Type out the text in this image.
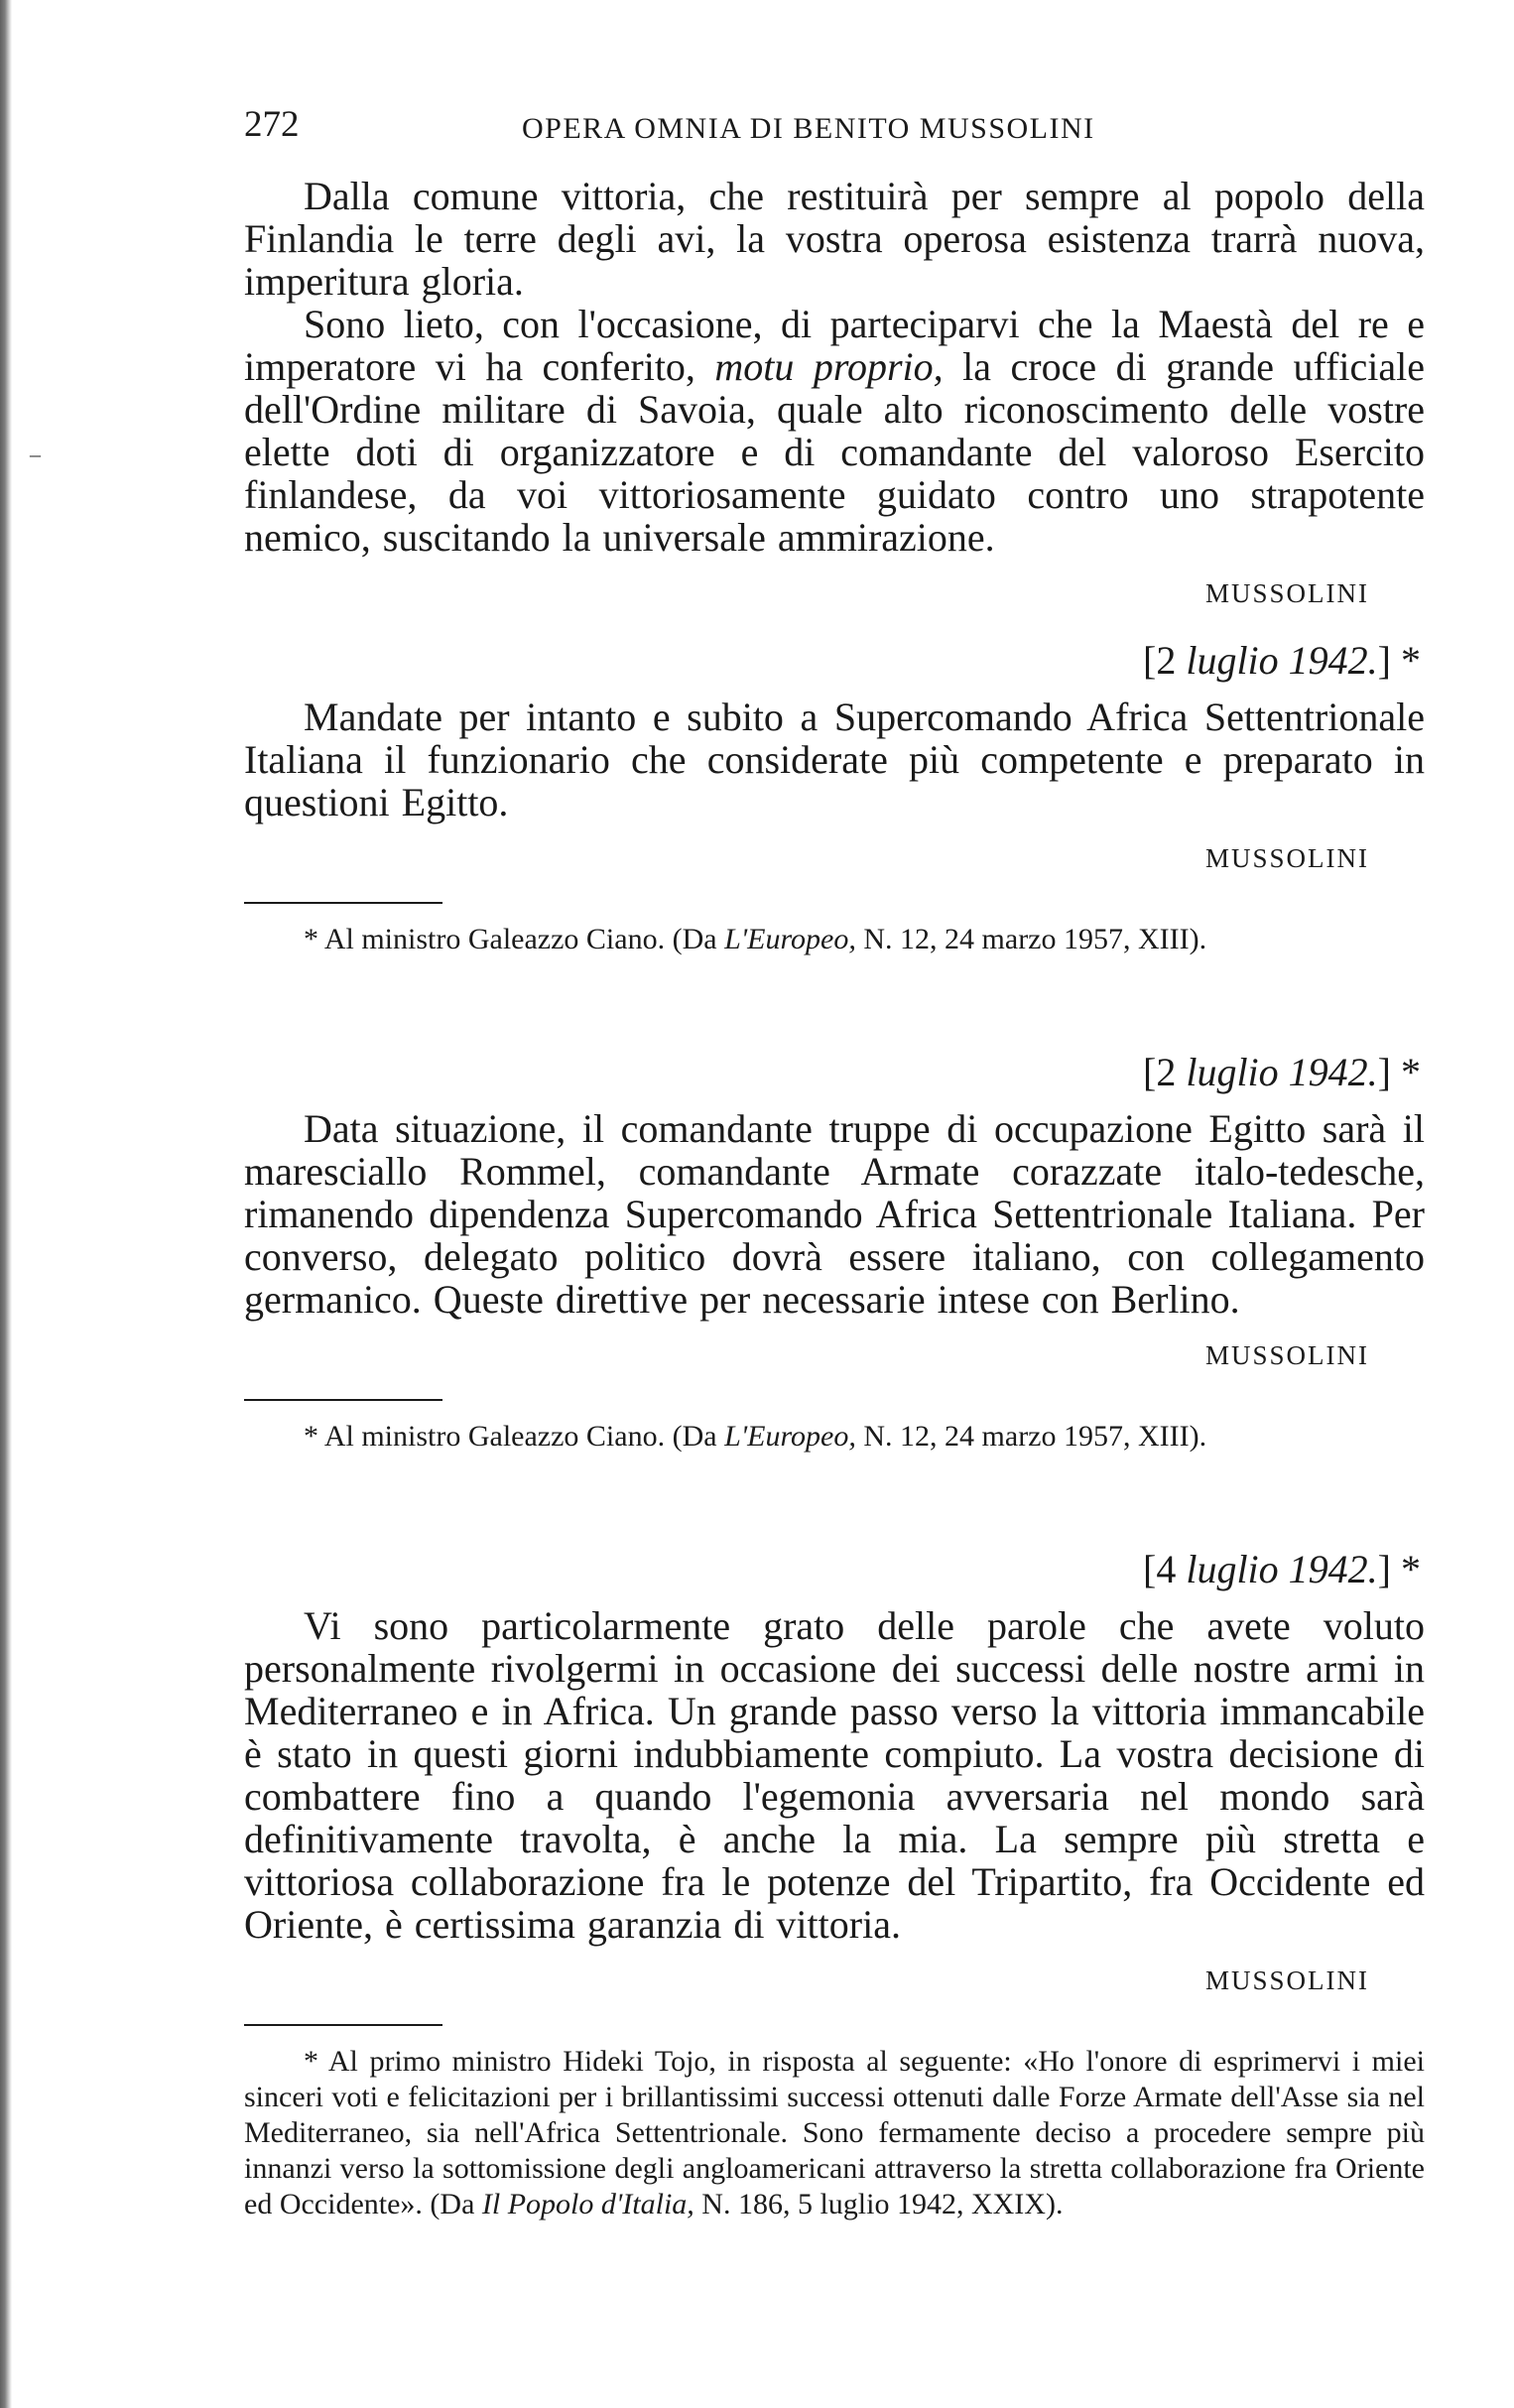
–
272	OPERA OMNIA DI BENITO MUSSOLINI

Dalla comune vittoria, che restituirà per sempre al popolo della Finlandia le terre degli avi, la vostra operosa esistenza trarrà nuova, imperitura gloria.

Sono lieto, con l'occasione, di parteciparvi che la Maestà del re e imperatore vi ha conferito, motu proprio, la croce di grande ufficiale dell'Ordine militare di Savoia, quale alto riconoscimento delle vostre elette doti di organizzatore e di comandante del valoroso Esercito finlandese, da voi vittoriosamente guidato contro uno strapotente nemico, suscitando la universale ammirazione.

MUSSOLINI
[2 luglio 1942.] *

Mandate per intanto e subito a Supercomando Africa Settentrionale Italiana il funzionario che considerate più competente e preparato in questioni Egitto.

MUSSOLINI

* Al ministro Galeazzo Ciano. (Da L'Europeo, N. 12, 24 marzo 1957, XIII).

[2 luglio 1942.] *

Data situazione, il comandante truppe di occupazione Egitto sarà il maresciallo Rommel, comandante Armate corazzate italo-tedesche, rimanendo dipendenza Supercomando Africa Settentrionale Italiana. Per converso, delegato politico dovrà essere italiano, con collegamento germanico. Queste direttive per necessarie intese con Berlino.

MUSSOLINI

* Al ministro Galeazzo Ciano. (Da L'Europeo, N. 12, 24 marzo 1957, XIII).

[4 luglio 1942.] *

Vi sono particolarmente grato delle parole che avete voluto personalmente rivolgermi in occasione dei successi delle nostre armi in Mediterraneo e in Africa. Un grande passo verso la vittoria immancabile è stato in questi giorni indubbiamente compiuto. La vostra decisione di combattere fino a quando l'egemonia avversaria nel mondo sarà definitivamente travolta, è anche la mia. La sempre più stretta e vittoriosa collaborazione fra le potenze del Tripartito, fra Occidente ed Oriente, è certissima garanzia di vittoria.

MUSSOLINI

* Al primo ministro Hideki Tojo, in risposta al seguente: «Ho l'onore di esprimervi i miei sinceri voti e felicitazioni per i brillantissimi successi ottenuti dalle Forze Armate dell'Asse sia nel Mediterraneo, sia nell'Africa Settentrionale. Sono fermamente deciso a procedere sempre più innanzi verso la sottomissione degli angloamericani attraverso la stretta collaborazione fra Oriente ed Occidente». (Da Il Popolo d'Italia, N. 186, 5 luglio 1942, XXIX).
